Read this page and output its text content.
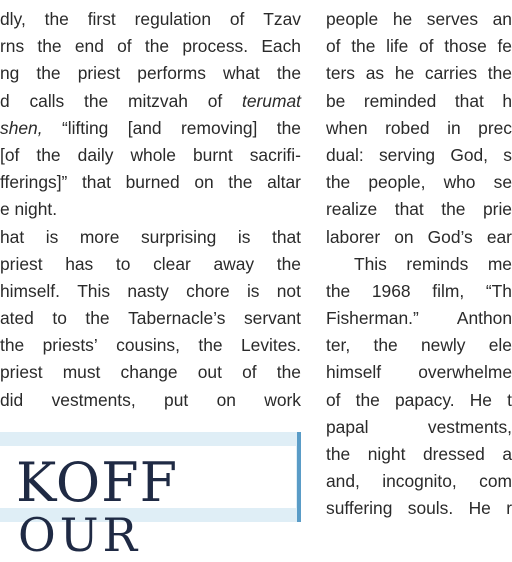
dly, the first regulation of Tzav
rns the end of the process. Each
ng the priest performs what the
d calls the mitzvah of terumat
shen, “lifting [and removing] the
[of the daily whole burnt sacrifi-
fferings]” that burned on the altar
e
night.
hat is more surprising is that
priest has to clear away the
himself. This nasty chore is not
ated to the Tabernacle’s servant
the priests’ cousins, the Levites.
priest must change out of the
did vestments, put on work
people he serves an
of the life of those fe
ters as he carries the
be reminded that h
when robed in prec
dual: serving God, s
the people, who se
realize that the prie
laborer on God’s ear
This reminds me
the 1968 film, “Th
Fisherman.” Anthon
ter, the newly ele
himself overwhelme
of the papacy. He t
papal	vestments,
the night dressed a
and, incognito, com
suffering souls. He r
KOFF
OUR
